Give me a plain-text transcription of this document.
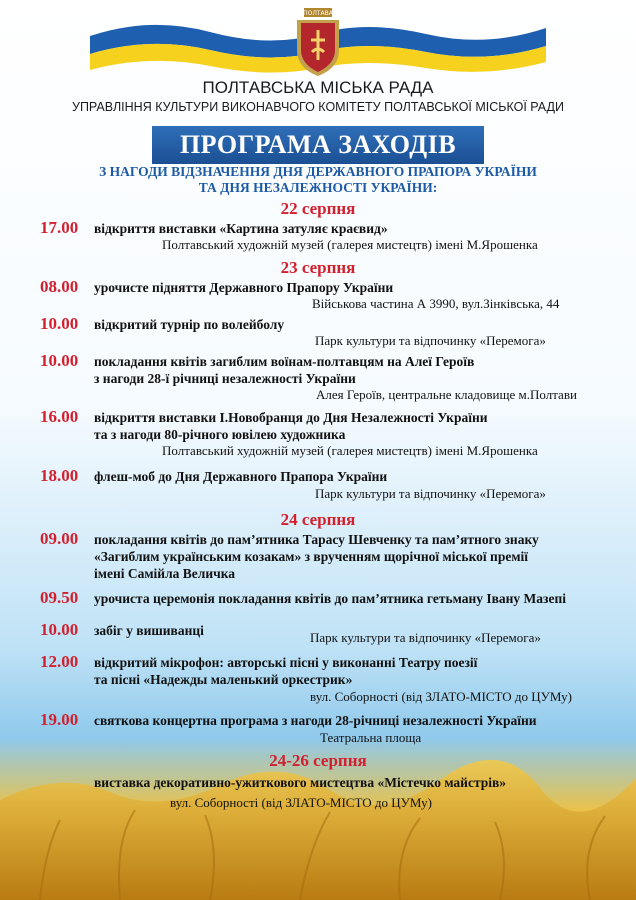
ПОЛТАВА
ПОЛТАВСЬКА МІСЬКА РАДА
УПРАВЛІННЯ КУЛЬТУРИ ВИКОНАВЧОГО КОМІТЕТУ ПОЛТАВСЬКОЇ МІСЬКОЇ РАДИ
ПРОГРАМА ЗАХОДІВ
З НАГОДИ ВІДЗНАЧЕННЯ ДНЯ ДЕРЖАВНОГО ПРАПОРА УКРАЇНИ
ТА ДНЯ НЕЗАЛЕЖНОСТІ УКРАЇНИ:
22 серпня
17.00 відкриття виставки «Картина затуляє краєвид»
Полтавський художній музей (галерея мистецтв) імені М.Ярошенка
23 серпня
08.00 урочисте підняття Державного Прапору України
Військова частина А 3990, вул.Зінківська, 44
10.00 відкритий турнір по волейболу
Парк культури та відпочинку «Перемога»
10.00 покладання квітів загиблим воїнам-полтавцям на Алеї Героїв
з нагоди 28-ї річниці незалежності України
Алея Героїв, центральне кладовище м.Полтави
16.00 відкриття виставки І.Новобранця до Дня Незалежності України
та з нагоди 80-річного ювілею художника
Полтавський художній музей (галерея мистецтв) імені М.Ярошенка
18.00 флеш-моб до Дня Державного Прапора України
Парк культури та відпочинку «Перемога»
24 серпня
09.00 покладання квітів до пам’ятника Тарасу Шевченку та пам’ятного знаку
«Загиблим українським козакам» з врученням щорічної міської премії
імені Самійла Величка
09.50 урочиста церемонія покладання квітів до пам’ятника гетьману Івану Мазепі
10.00 забіг у вишиванці	Парк культури та відпочинку «Перемога»
12.00 відкритий мікрофон: авторські пісні у виконанні Театру поезії
та пісні «Надежды маленький оркестрик»
вул. Соборності (від ЗЛАТО-МІСТО до ЦУМу)
19.00 святкова концертна програма з нагоди 28-річниці незалежності України
Театральна площа
24-26 серпня
виставка декоративно-ужиткового мистецтва «Містечко майстрів»
вул. Соборності (від ЗЛАТО-МІСТО до ЦУМу)
